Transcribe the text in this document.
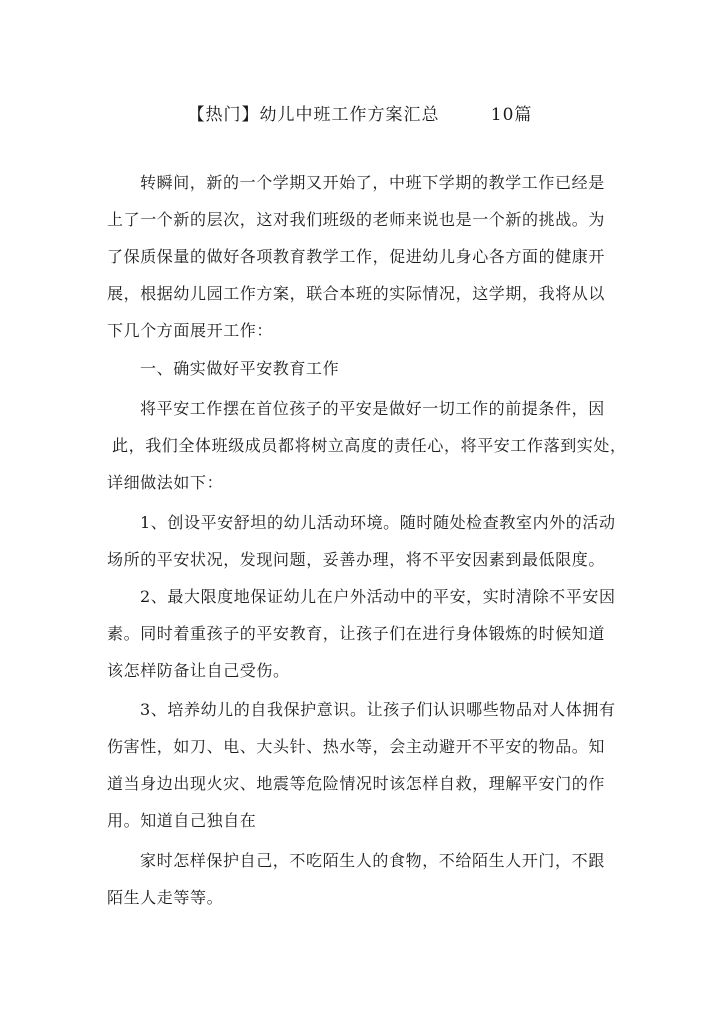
【热门】幼儿中班工作方案汇总        10篇
转瞬间，新的一个学期又开始了，中班下学期的教学工作已经是
上了一个新的层次，这对我们班级的老师来说也是一个新的挑战。为
了保质保量的做好各项教育教学工作，促进幼儿身心各方面的健康开
展，根据幼儿园工作方案，联合本班的实际情况，这学期，我将从以
下几个方面展开工作：
一、确实做好平安教育工作
将平安工作摆在首位孩子的平安是做好一切工作的前提条件，因
此，我们全体班级成员都将树立高度的责任心，将平安工作落到实处，
详细做法如下：
1、创设平安舒坦的幼儿活动环境。随时随处检查教室内外的活动
场所的平安状况，发现问题，妥善办理，将不平安因素到最低限度。
2、最大限度地保证幼儿在户外活动中的平安，实时清除不平安因
素。同时着重孩子的平安教育，让孩子们在进行身体锻炼的时候知道
该怎样防备让自己受伤。
3、培养幼儿的自我保护意识。让孩子们认识哪些物品对人体拥有
伤害性，如刀、电、大头针、热水等，会主动避开不平安的物品。知
道当身边出现火灾、地震等危险情况时该怎样自救，理解平安门的作
用。知道自己独自在
家时怎样保护自己，不吃陌生人的食物，不给陌生人开门，不跟
陌生人走等等。
